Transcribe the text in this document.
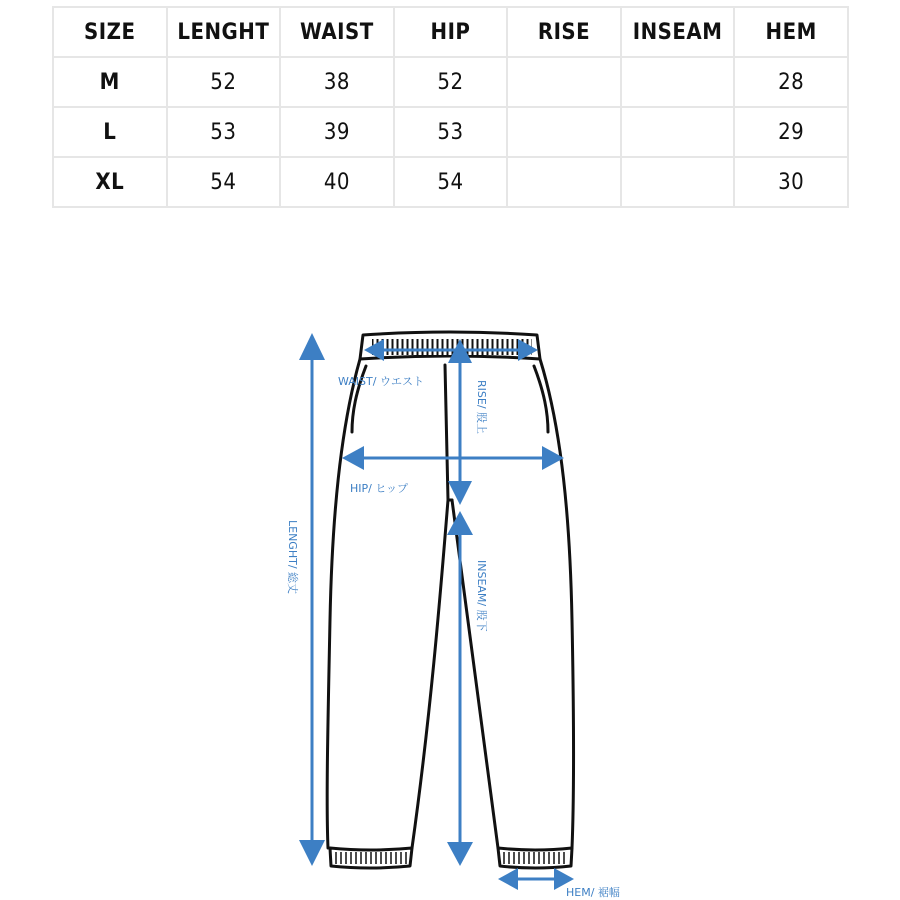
SIZE	LENGHT	WAIST	HIP	RISE	INSEAM	HEM
M	52	38	52			28
L	53	39	53			29
XL	54	40	54			30
WAIST/ ウエスト	RISE/ 股上
HIP/ ヒップ
LENGHT/ 総丈
INSEAM/ 股下
HEM/ 裾幅
